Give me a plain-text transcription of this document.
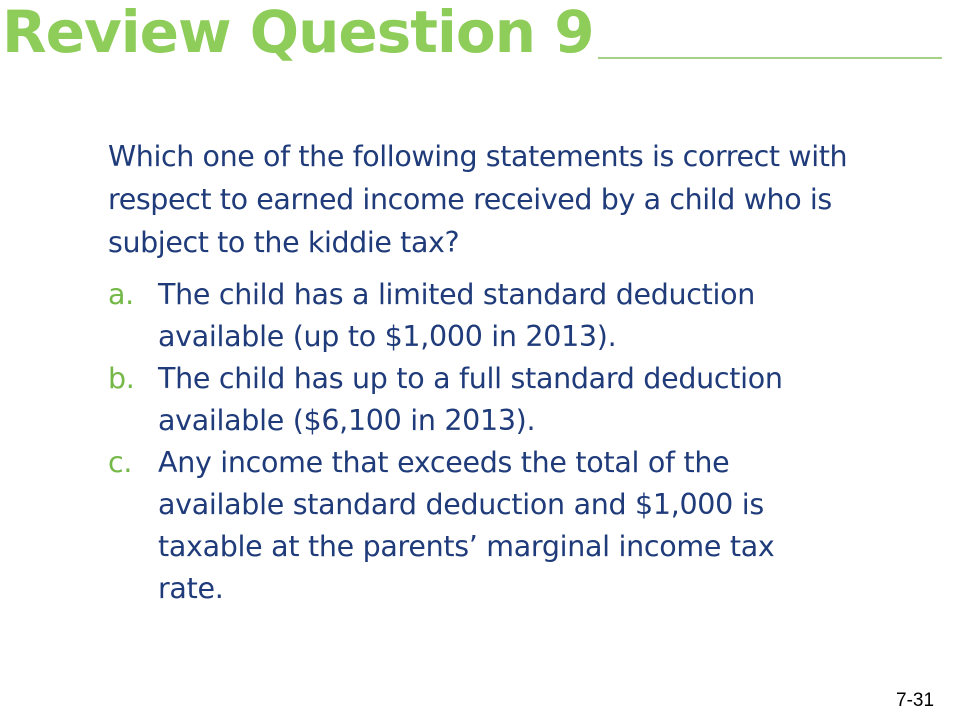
Review Question 9

Which one of the following statements is correct with respect to earned income received by a child who is subject to the kiddie tax?

a. The child has a limited standard deduction available (up to $1,000 in 2013).
b. The child has up to a full standard deduction available ($6,100 in 2013).
c. Any income that exceeds the total of the available standard deduction and $1,000 is taxable at the parents’ marginal income tax rate.
7-31
